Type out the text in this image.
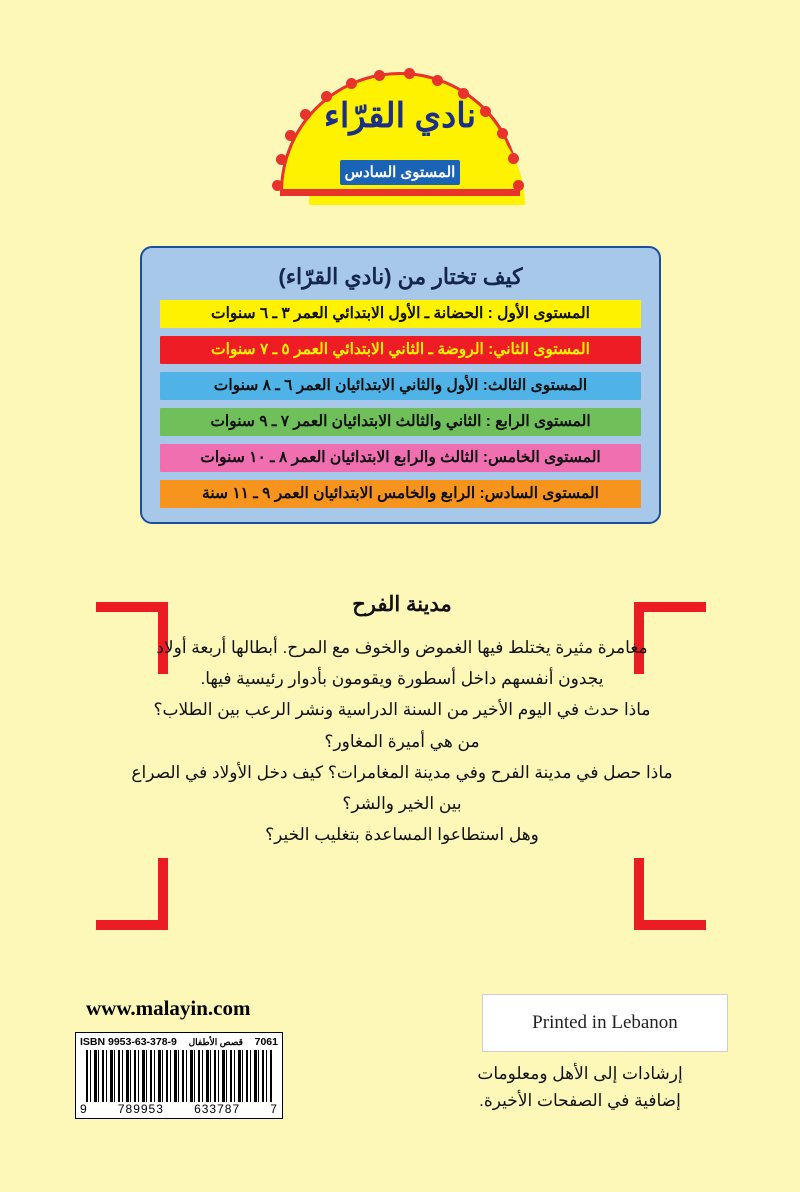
نادي القرّاء
المستوى السادس
كيف تختار من (نادي القرّاء)
المستوى الأول : الحضانة ـ الأول الابتدائي العمر ٣ ـ ٦ سنوات
المستوى الثاني: الروضة ـ الثاني الابتدائي العمر ٥ ـ ٧ سنوات
المستوى الثالث: الأول والثاني الابتدائيان العمر ٦ ـ ٨ سنوات
المستوى الرابع : الثاني والثالث الابتدائيان العمر ٧ ـ ٩ سنوات
المستوى الخامس: الثالث والرابع الابتدائيان العمر ٨ ـ ١٠ سنوات
المستوى السادس: الرابع والخامس الابتدائيان العمر ٩ ـ ١١ سنة
مدينة الفرح

مغامرة مثيرة يختلط فيها الغموض والخوف مع المرح. أبطالها أربعة أولاد

يجدون أنفسهم داخل أسطورة ويقومون بأدوار رئيسية فيها.

ماذا حدث في اليوم الأخير من السنة الدراسية ونشر الرعب بين الطلاب؟

من هي أميرة المغاور؟

ماذا حصل في مدينة الفرح وفي مدينة المغامرات؟ كيف دخل الأولاد في الصراع

بين الخير والشر؟

وهل استطاعوا المساعدة بتغليب الخير؟

www.malayin.com
ISBN 9953-63-378-9 قصص الأطفال 7061
9	789953	633787	7
Printed in Lebanon
إرشادات إلى الأهل ومعلومات
إضافية في الصفحات الأخيرة.
